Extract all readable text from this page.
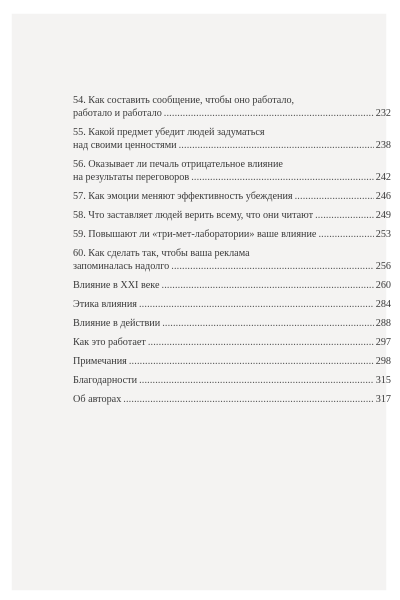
54. Как составить сообщение, чтобы оно работало,
работало и работало . . .	232
55. Какой предмет убедит людей задуматься
над своими ценностями . . .	238
56. Оказывает ли печаль отрицательное влияние
на результаты переговоров . . .	242
57. Как эмоции меняют эффективность убеждения . . .	246
58. Что заставляет людей верить всему, что они читают . . .	249
59. Повышают ли «три-мет-лаборатории» ваше влияние . . .	253
60. Как сделать так, чтобы ваша реклама
запоминалась надолго . . .	256
Влияние в XXI веке . . .	260
Этика влияния . . .	284
Влияние в действии . . .	288
Как это работает . . .	297
Примечания . . .	298
Благодарности . . .	315
Об авторах . . .	317
